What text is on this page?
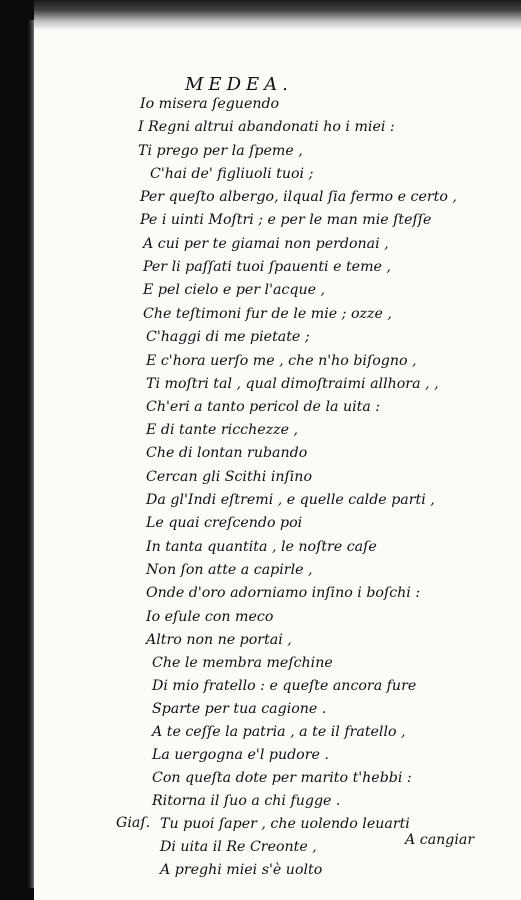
MEDEA.
Io misera ſeguendo
I Regni altrui abandonati ho i miei :
Ti prego per la ſpeme ,
C'hai de' figliuoli tuoi ;
Per queſto albergo, ilqual ſia fermo e certo ,
Pe i uinti Moſtri ; e per le man mie ſteſſe
A cui per te giamai non perdonai ,
Per li paſſati tuoi ſpauenti e teme ,
E pel cielo e per l'acque ,
Che teſtimoni fur de le mie ; ozze ,
C'haggi di me pietate ;
E c'hora uerſo me , che n'ho biſogno ,
Ti moſtri tal , qual dimoſtraimi allhora , ,
Ch'eri a tanto pericol de la uita :
E di tante ricchezze ,
Che di lontan rubando
Cercan gli Scithi inſino
Da gl'Indi eſtremi , e quelle calde parti ,
Le quai creſcendo poi
In tanta quantita , le noſtre caſe
Non ſon atte a capirle ,
Onde d'oro adorniamo inſino i boſchi :
Io eſule con meco
Altro non ne portai ,
Che le membra meſchine
Di mio fratello : e queſte ancora fure
Sparte per tua cagione .
A te ceſſe la patria , a te il fratello ,
La uergogna e'l pudore .
Con queſta dote per marito t'hebbi :
Ritorna il ſuo a chi fugge .
Giaſ. Tu puoi ſaper , che uolendo leuarti
Di uita il Re Creonte ,
A preghi miei s'è uolto
A cangiar
